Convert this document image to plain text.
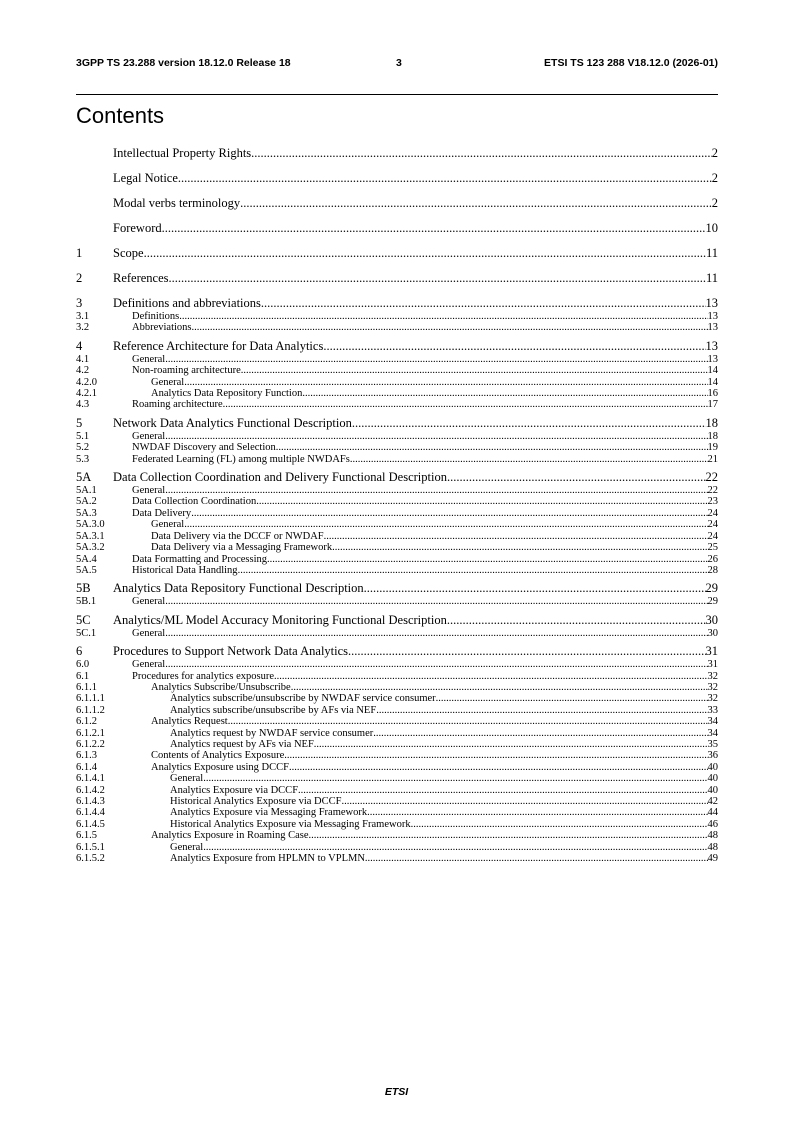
3GPP TS 23.288 version 18.12.0 Release 18	3	ETSI TS 123 288 V18.12.0 (2026-01)
Contents
Intellectual Property Rights .....	2
Legal Notice .....	2
Modal verbs terminology .....	2
Foreword .....	10
1	Scope .....	11
2	References .....	11
3	Definitions and abbreviations .....	13
3.1	Definitions .....	13
3.2	Abbreviations .....	13
4	Reference Architecture for Data Analytics .....	13
4.1	General .....	13
4.2	Non-roaming architecture .....	14
4.2.0	General .....	14
4.2.1	Analytics Data Repository Function .....	16
4.3	Roaming architecture .....	17
5	Network Data Analytics Functional Description .....	18
5.1	General .....	18
5.2	NWDAF Discovery and Selection .....	19
5.3	Federated Learning (FL) among multiple NWDAFs .....	21
5A	Data Collection Coordination and Delivery Functional Description .....	22
5A.1	General .....	22
5A.2	Data Collection Coordination .....	23
5A.3	Data Delivery .....	24
5A.3.0	General .....	24
5A.3.1	Data Delivery via the DCCF or NWDAF .....	24
5A.3.2	Data Delivery via a Messaging Framework .....	25
5A.4	Data Formatting and Processing .....	26
5A.5	Historical Data Handling .....	28
5B	Analytics Data Repository Functional Description .....	29
5B.1	General .....	29
5C	Analytics/ML Model Accuracy Monitoring Functional Description .....	30
5C.1	General .....	30
6	Procedures to Support Network Data Analytics .....	31
6.0	General .....	31
6.1	Procedures for analytics exposure .....	32
6.1.1	Analytics Subscribe/Unsubscribe .....	32
6.1.1.1	Analytics subscribe/unsubscribe by NWDAF service consumer .....	32
6.1.1.2	Analytics subscribe/unsubscribe by AFs via NEF .....	33
6.1.2	Analytics Request .....	34
6.1.2.1	Analytics request by NWDAF service consumer .....	34
6.1.2.2	Analytics request by AFs via NEF .....	35
6.1.3	Contents of Analytics Exposure .....	36
6.1.4	Analytics Exposure using DCCF .....	40
6.1.4.1	General .....	40
6.1.4.2	Analytics Exposure via DCCF .....	40
6.1.4.3	Historical Analytics Exposure via DCCF .....	42
6.1.4.4	Analytics Exposure via Messaging Framework .....	44
6.1.4.5	Historical Analytics Exposure via Messaging Framework .....	46
6.1.5	Analytics Exposure in Roaming Case .....	48
6.1.5.1	General .....	48
6.1.5.2	Analytics Exposure from HPLMN to VPLMN .....	49
ETSI
